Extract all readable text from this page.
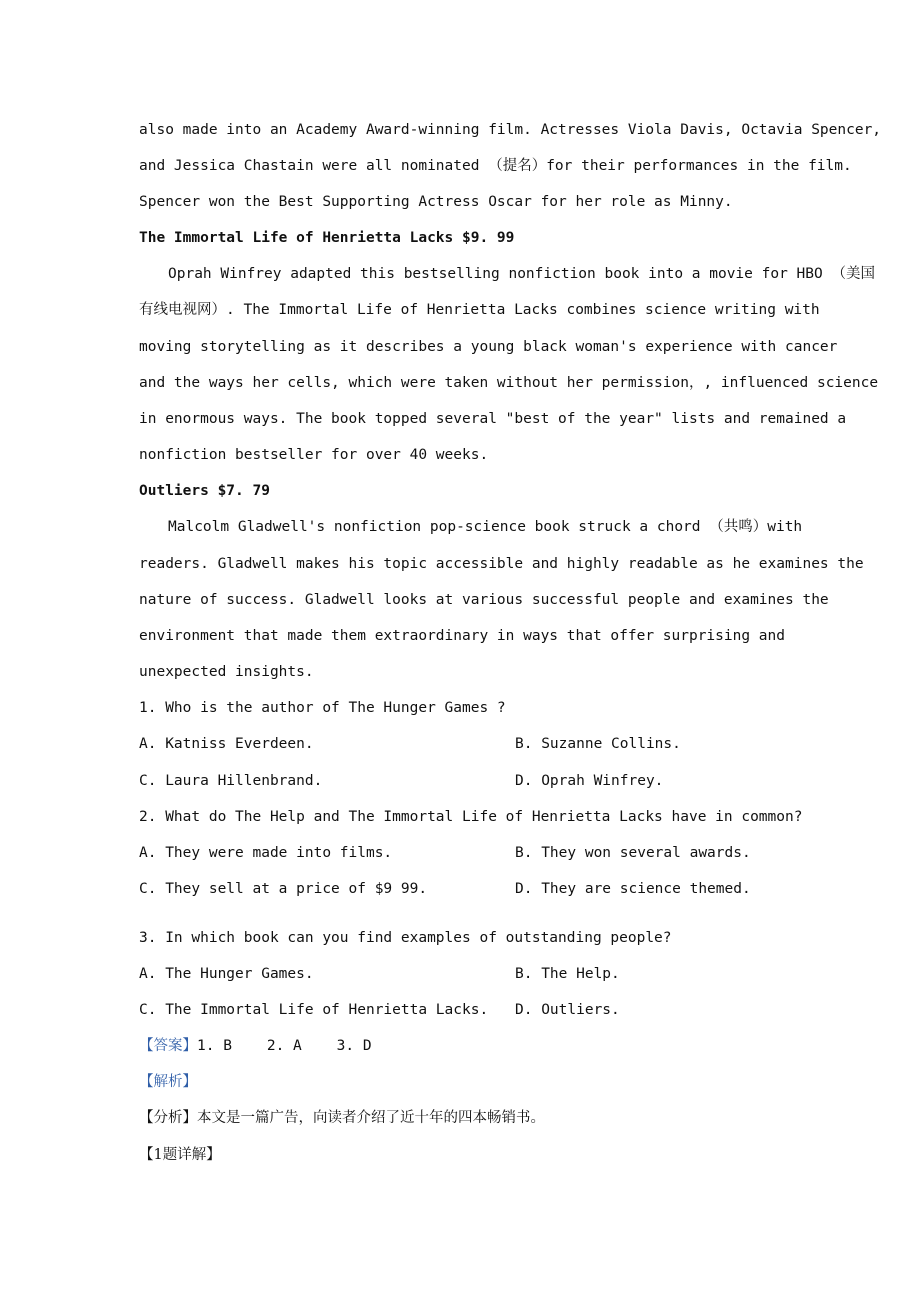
also made into an Academy Award-winning film. Actresses Viola Davis, Octavia Spencer,

and Jessica Chastain were all nominated （提名）for their performances in the film.

Spencer won the Best Supporting Actress Oscar for her role as Minny.

The Immortal Life of Henrietta Lacks $9. 99

Oprah Winfrey adapted this bestselling nonfiction book into a movie for HBO （美国

有线电视网）. The Immortal Life of Henrietta Lacks combines science writing with

moving storytelling as it describes a young black woman's experience with cancer

and the ways her cells, which were taken without her permission，, influenced science

in enormous ways. The book topped several "best of the year" lists and remained a

nonfiction bestseller for over 40 weeks.

Outliers $7. 79

Malcolm Gladwell's nonfiction pop-science book struck a chord （共鸣）with

readers. Gladwell makes his topic accessible and highly readable as he examines the

nature of success. Gladwell looks at various successful people and examines the

environment that made them extraordinary in ways that offer surprising and

unexpected insights.

1. Who is the author of The Hunger Games ?

A. Katniss Everdeen.	B. Suzanne Collins.

C. Laura Hillenbrand.	D. Oprah Winfrey.

2. What do The Help and The Immortal Life of Henrietta Lacks have in common?

A. They were made into films.	B. They won several awards.

C. They sell at a price of $9 99.	D. They are science themed.

3. In which book can you find examples of outstanding people?

A. The Hunger Games.	B. The Help.

C. The Immortal Life of Henrietta Lacks. D. Outliers.

【答案】1. B    2. A    3. D

【解析】

【分析】本文是一篇广告，向读者介绍了近十年的四本畅销书。

【1题详解】
